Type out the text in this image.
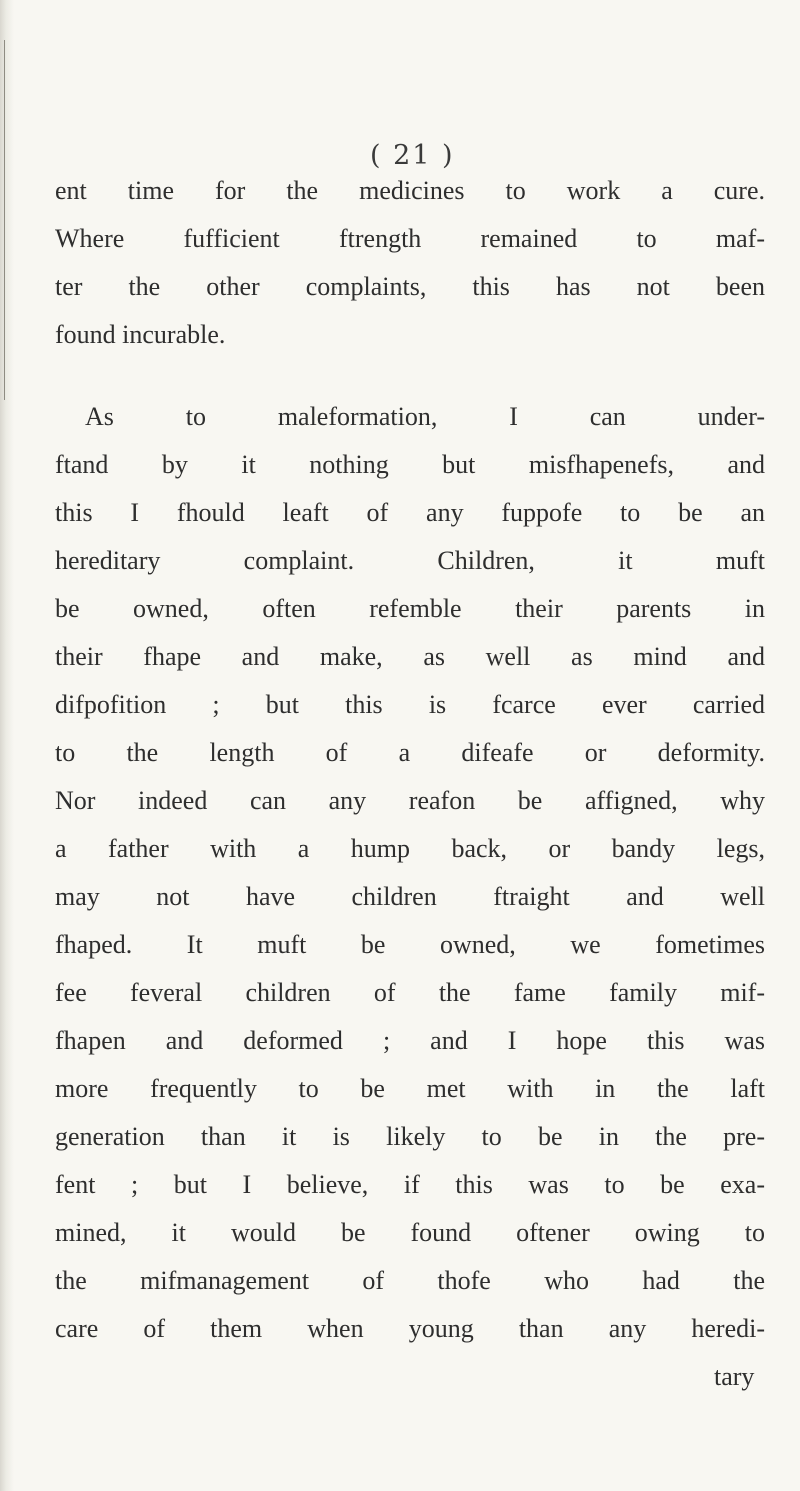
( 21 )
ent time for the medicines to work a cure.
Where fufficient ftrength remained to maf-
ter the other complaints, this has not been
found incurable.
As to maleformation, I can under-
ftand by it nothing but misfhapenefs, and
this I fhould leaft of any fuppofe to be an
hereditary complaint. Children, it muft
be owned, often refemble their parents in
their fhape and make, as well as mind and
difpofition ; but this is fcarce ever carried
to the length of a difeafe or deformity.
Nor indeed can any reafon be affigned, why
a father with a hump back, or bandy legs,
may not have children ftraight and well
fhaped. It muft be owned, we fometimes
fee feveral children of the fame family mif-
fhapen and deformed ; and I hope this was
more frequently to be met with in the laft
generation than it is likely to be in the pre-
fent ; but I believe, if this was to be exa-
mined, it would be found oftener owing to
the mifmanagement of thofe who had the
care of them when young than any heredi-
tary
